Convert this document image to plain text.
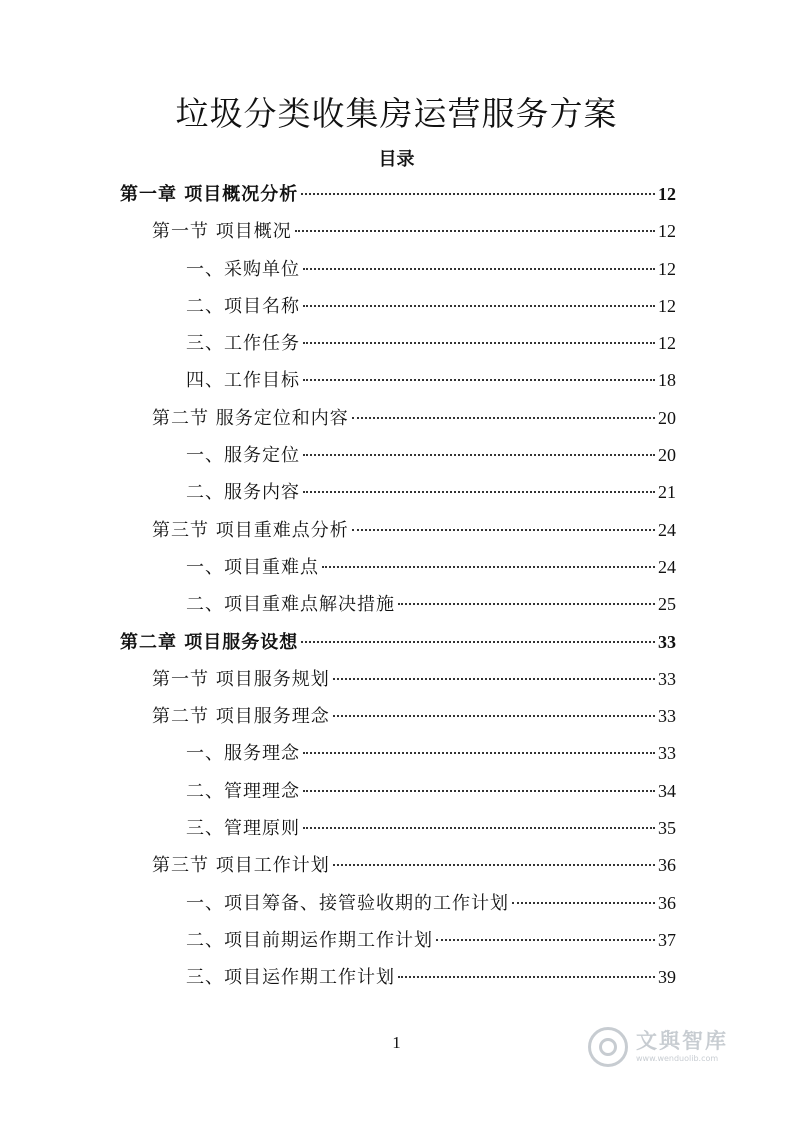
垃圾分类收集房运营服务方案
目录
第一章 项目概况分析	12
第一节 项目概况	12
一、采购单位	12
二、项目名称	12
三、工作任务	12
四、工作目标	18
第二节 服务定位和内容	20
一、服务定位	20
二、服务内容	21
第三节 项目重难点分析	24
一、项目重难点	24
二、项目重难点解决措施	25
第二章 项目服务设想	33
第一节 项目服务规划	33
第二节 项目服务理念	33
一、服务理念	33
二、管理理念	34
三、管理原则	35
第三节 项目工作计划	36
一、项目筹备、接管验收期的工作计划	36
二、项目前期运作期工作计划	37
三、项目运作期工作计划	39
1	文與智库
www.wenduolib.com
